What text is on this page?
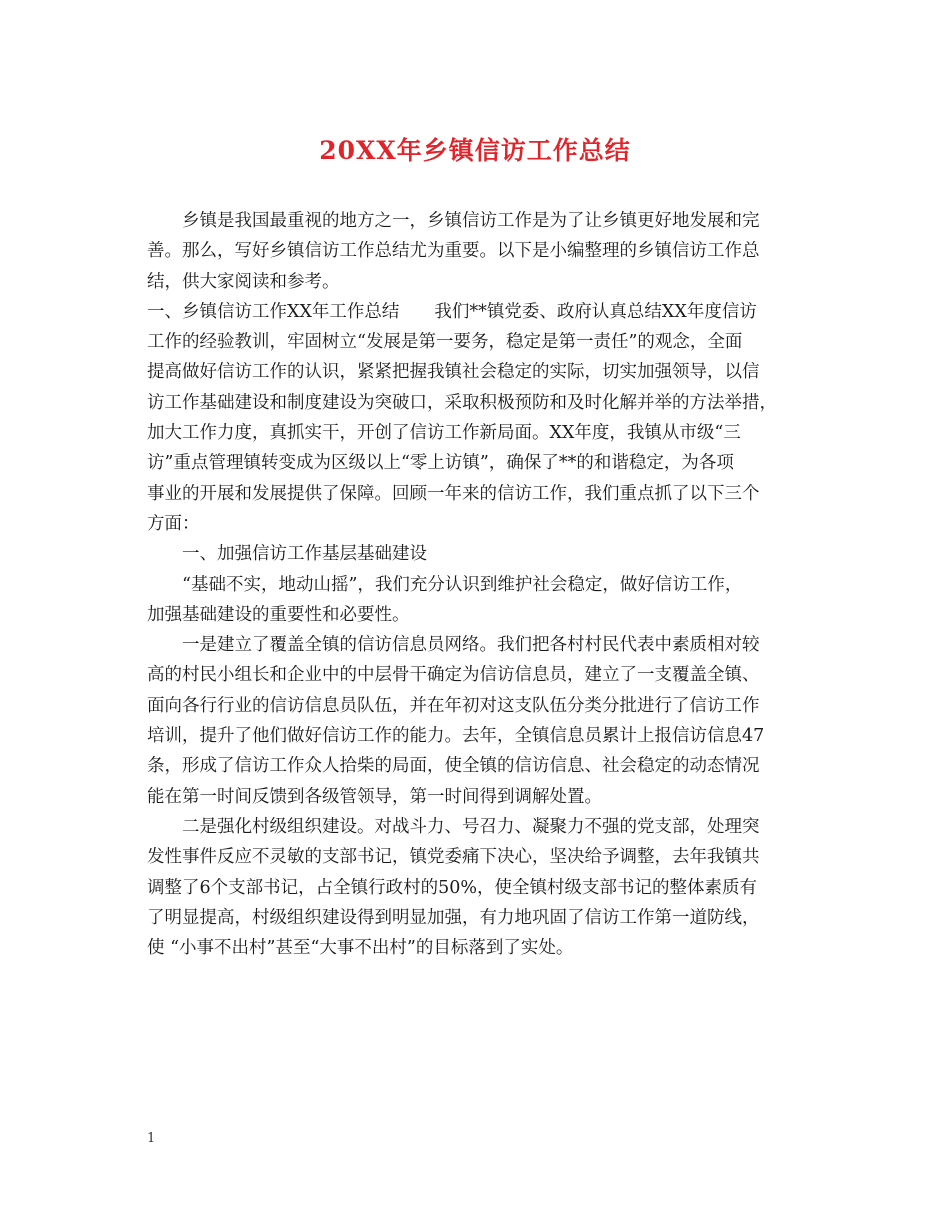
20XX年乡镇信访工作总结
乡镇是我国最重视的地方之一，乡镇信访工作是为了让乡镇更好地发展和完
善。那么，写好乡镇信访工作总结尤为重要。以下是小编整理的乡镇信访工作总
结，供大家阅读和参考。
一、乡镇信访工作XX年工作总结　　我们**镇党委、政府认真总结XX年度信访
工作的经验教训，牢固树立“发展是第一要务，稳定是第一责任”的观念，全面
提高做好信访工作的认识，紧紧把握我镇社会稳定的实际，切实加强领导，以信
访工作基础建设和制度建设为突破口，采取积极预防和及时化解并举的方法举措，
加大工作力度，真抓实干，开创了信访工作新局面。XX年度，我镇从市级“三
访”重点管理镇转变成为区级以上“零上访镇”，确保了**的和谐稳定，为各项
事业的开展和发展提供了保障。回顾一年来的信访工作，我们重点抓了以下三个
方面：
一、加强信访工作基层基础建设
“基础不实，地动山摇”，我们充分认识到维护社会稳定，做好信访工作，
加强基础建设的重要性和必要性。
一是建立了覆盖全镇的信访信息员网络。我们把各村村民代表中素质相对较
高的村民小组长和企业中的中层骨干确定为信访信息员，建立了一支覆盖全镇、
面向各行行业的信访信息员队伍，并在年初对这支队伍分类分批进行了信访工作
培训，提升了他们做好信访工作的能力。去年，全镇信息员累计上报信访信息47
条，形成了信访工作众人拾柴的局面，使全镇的信访信息、社会稳定的动态情况
能在第一时间反馈到各级管领导，第一时间得到调解处置。
二是强化村级组织建设。对战斗力、号召力、凝聚力不强的党支部，处理突
发性事件反应不灵敏的支部书记，镇党委痛下决心，坚决给予调整，去年我镇共
调整了6个支部书记，占全镇行政村的50%，使全镇村级支部书记的整体素质有
了明显提高，村级组织建设得到明显加强，有力地巩固了信访工作第一道防线，
使 “小事不出村”甚至“大事不出村”的目标落到了实处。
1
